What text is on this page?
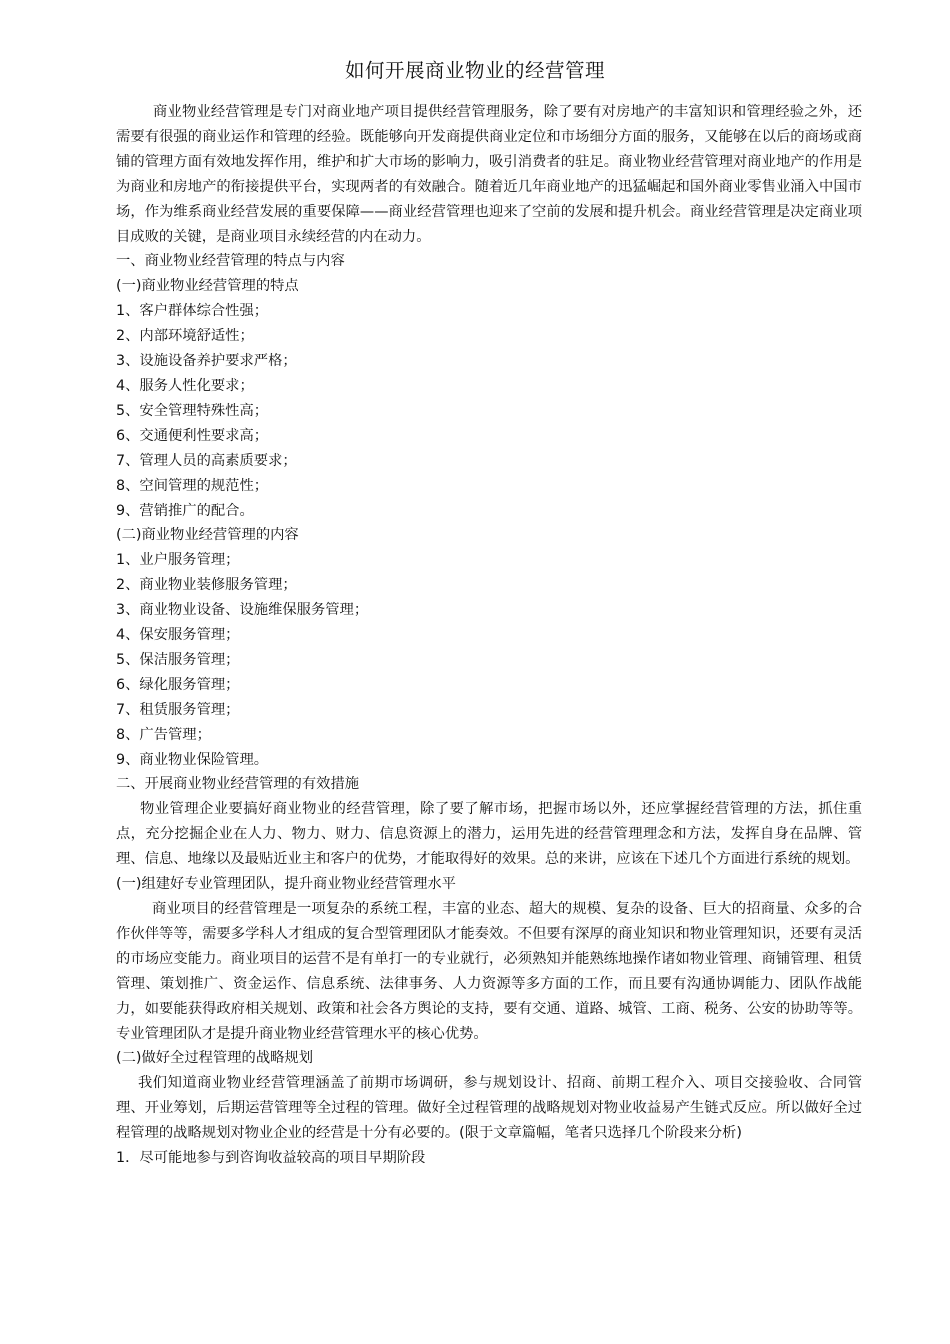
如何开展商业物业的经营管理

商业物业经营管理是专门对商业地产项目提供经营管理服务，除了要有对房地产的丰富知识和管理经验之外，还需要有很强的商业运作和管理的经验。既能够向开发商提供商业定位和市场细分方面的服务，又能够在以后的商场或商铺的管理方面有效地发挥作用，维护和扩大市场的影响力，吸引消费者的驻足。商业物业经营管理对商业地产的作用是为商业和房地产的衔接提供平台，实现两者的有效融合。随着近几年商业地产的迅猛崛起和国外商业零售业涌入中国市场，作为维系商业经营发展的重要保障——商业经营管理也迎来了空前的发展和提升机会。商业经营管理是决定商业项目成败的关键，是商业项目永续经营的内在动力。

一、商业物业经营管理的特点与内容

(一)商业物业经营管理的特点

1、客户群体综合性强；

2、内部环境舒适性；

3、设施设备养护要求严格；

4、服务人性化要求；

5、安全管理特殊性高；

6、交通便利性要求高；

7、管理人员的高素质要求；

8、空间管理的规范性；

9、营销推广的配合。

(二)商业物业经营管理的内容

1、业户服务管理；

2、商业物业装修服务管理；

3、商业物业设备、设施维保服务管理；

4、保安服务管理；

5、保洁服务管理；

6、绿化服务管理；

7、租赁服务管理；

8、广告管理；

9、商业物业保险管理。

二、开展商业物业经营管理的有效措施

物业管理企业要搞好商业物业的经营管理，除了要了解市场，把握市场以外，还应掌握经营管理的方法，抓住重点，充分挖掘企业在人力、物力、财力、信息资源上的潜力，运用先进的经营管理理念和方法，发挥自身在品牌、管理、信息、地缘以及最贴近业主和客户的优势，才能取得好的效果。总的来讲，应该在下述几个方面进行系统的规划。

(一)组建好专业管理团队，提升商业物业经营管理水平

商业项目的经营管理是一项复杂的系统工程，丰富的业态、超大的规模、复杂的设备、巨大的招商量、众多的合作伙伴等等，需要多学科人才组成的复合型管理团队才能奏效。不但要有深厚的商业知识和物业管理知识，还要有灵活的市场应变能力。商业项目的运营不是有单打一的专业就行，必须熟知并能熟练地操作诸如物业管理、商铺管理、租赁管理、策划推广、资金运作、信息系统、法律事务、人力资源等多方面的工作，而且要有沟通协调能力、团队作战能力，如要能获得政府相关规划、政策和社会各方舆论的支持，要有交通、道路、城管、工商、税务、公安的协助等等。专业管理团队才是提升商业物业经营管理水平的核心优势。

(二)做好全过程管理的战略规划

我们知道商业物业经营管理涵盖了前期市场调研，参与规划设计、招商、前期工程介入、项目交接验收、合同管理、开业筹划，后期运营管理等全过程的管理。做好全过程管理的战略规划对物业收益易产生链式反应。所以做好全过程管理的战略规划对物业企业的经营是十分有必要的。(限于文章篇幅，笔者只选择几个阶段来分析)

1．尽可能地参与到咨询收益较高的项目早期阶段
